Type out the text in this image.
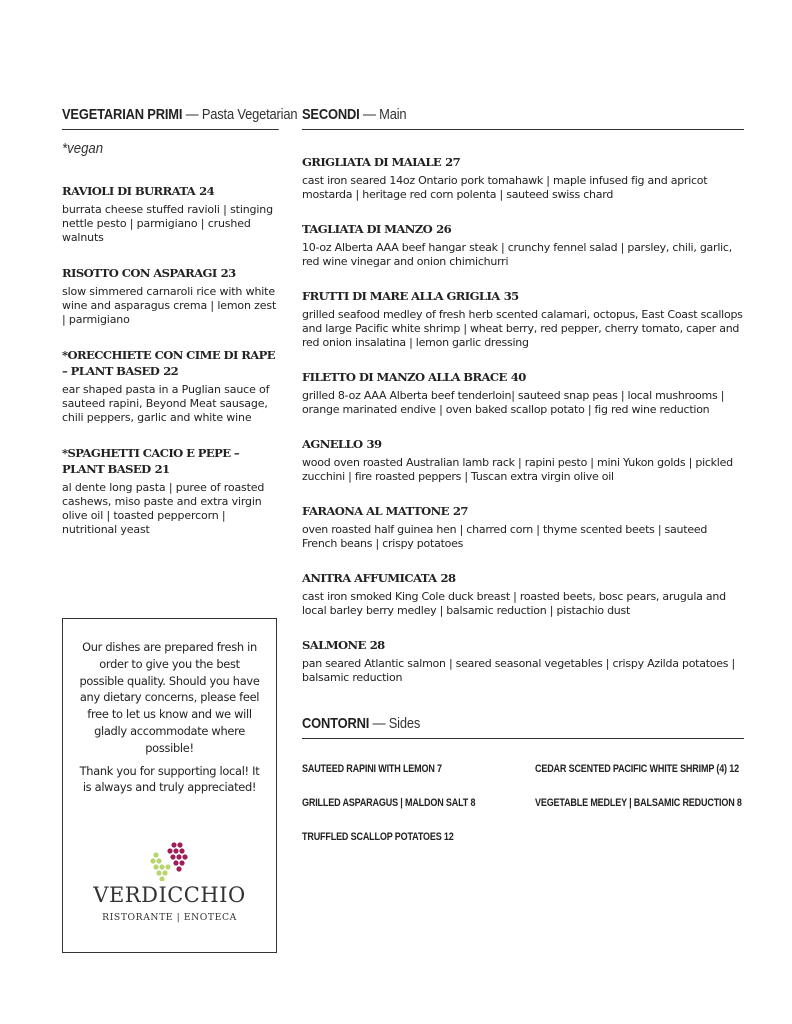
VEGETARIAN PRIMI — Pasta Vegetarian
*vegan
RAVIOLI DI BURRATA 24
burrata cheese stuffed ravioli | stinging nettle pesto | parmigiano | crushed walnuts
RISOTTO CON ASPARAGI 23
slow simmered carnaroli rice with white wine and asparagus crema | lemon zest | parmigiano
*ORECCHIETE CON CIME DI RAPE – PLANT BASED 22
ear shaped pasta in a Puglian sauce of sauteed rapini, Beyond Meat sausage, chili peppers, garlic and white wine
*SPAGHETTI CACIO E PEPE – PLANT BASED 21
al dente long pasta | puree of roasted cashews, miso paste and extra virgin olive oil | toasted peppercorn | nutritional yeast
Our dishes are prepared fresh in order to give you the best possible quality. Should you have any dietary concerns, please feel free to let us know and we will gladly accommodate where possible!
Thank you for supporting local! It is always and truly appreciated!
VERDICCHIO
RISTORANTE | ENOTECA
SECONDI — Main
GRIGLIATA DI MAIALE 27
cast iron seared 14oz Ontario pork tomahawk | maple infused fig and apricot mostarda | heritage red corn polenta | sauteed swiss chard
TAGLIATA DI MANZO 26
10-oz Alberta AAA beef hangar steak | crunchy fennel salad | parsley, chili, garlic, red wine vinegar and onion chimichurri
FRUTTI DI MARE ALLA GRIGLIA 35
grilled seafood medley of fresh herb scented calamari, octopus, East Coast scallops and large Pacific white shrimp | wheat berry, red pepper, cherry tomato, caper and red onion insalatina | lemon garlic dressing
FILETTO DI MANZO ALLA BRACE 40
grilled 8-oz AAA Alberta beef tenderloin| sauteed snap peas | local mushrooms | orange marinated endive | oven baked scallop potato | fig red wine reduction
AGNELLO 39
wood oven roasted Australian lamb rack | rapini pesto | mini Yukon golds | pickled zucchini | fire roasted peppers | Tuscan extra virgin olive oil
FARAONA AL MATTONE 27
oven roasted half guinea hen | charred corn | thyme scented beets | sauteed French beans | crispy potatoes
ANITRA AFFUMICATA 28
cast iron smoked King Cole duck breast | roasted beets, bosc pears, arugula and local barley berry medley | balsamic reduction | pistachio dust
SALMONE 28
pan seared Atlantic salmon | seared seasonal vegetables | crispy Azilda potatoes | balsamic reduction
CONTORNI — Sides
SAUTEED RAPINI WITH LEMON 7	CEDAR SCENTED PACIFIC WHITE SHRIMP (4) 12
GRILLED ASPARAGUS | MALDON SALT 8	VEGETABLE MEDLEY | BALSAMIC REDUCTION 8
TRUFFLED SCALLOP POTATOES 12
